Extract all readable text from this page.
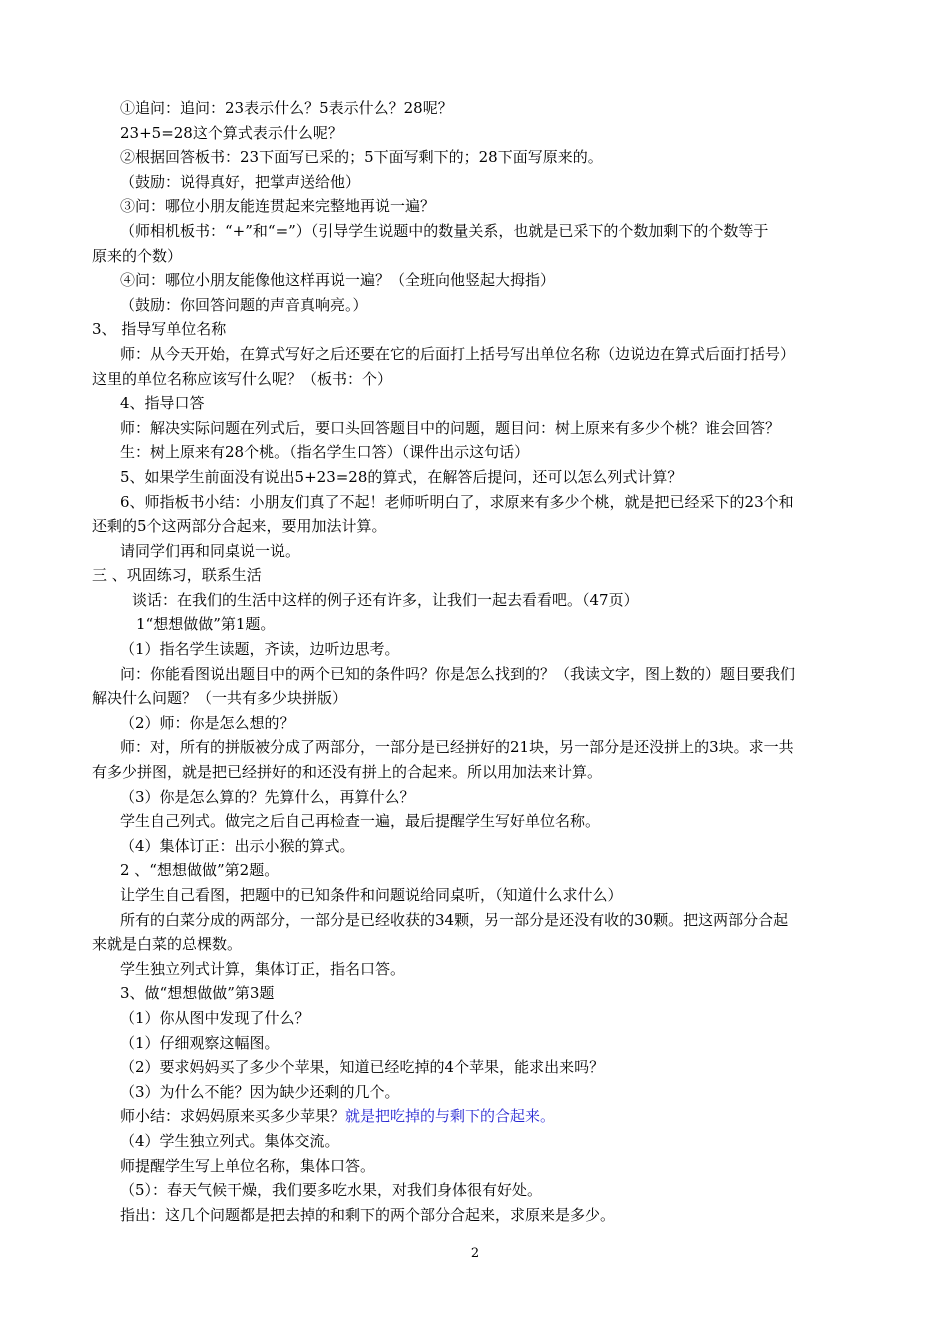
①追问：追问：23表示什么？5表示什么？28呢？
23+5=28这个算式表示什么呢？
②根据回答板书：23下面写已采的；5下面写剩下的；28下面写原来的。
（鼓励：说得真好，把掌声送给他）
③问：哪位小朋友能连贯起来完整地再说一遍？
（师相机板书：“+”和“=”）（引导学生说题中的数量关系，也就是已采下的个数加剩下的个数等于
原来的个数）
④问：哪位小朋友能像他这样再说一遍？（全班向他竖起大拇指）
（鼓励：你回答问题的声音真响亮。）
3、 指导写单位名称
师：从今天开始，在算式写好之后还要在它的后面打上括号写出单位名称（边说边在算式后面打括号）
这里的单位名称应该写什么呢？（板书：个）
4、指导口答
师：解决实际问题在列式后，要口头回答题目中的问题，题目问：树上原来有多少个桃？谁会回答？
生：树上原来有28个桃。（指名学生口答）（课件出示这句话）
5、如果学生前面没有说出5+23=28的算式，在解答后提问，还可以怎么列式计算？
6、师指板书小结：小朋友们真了不起！老师听明白了，求原来有多少个桃，就是把已经采下的23个和
还剩的5个这两部分合起来，要用加法计算。
请同学们再和同桌说一说。
三 、巩固练习，联系生活
谈话：在我们的生活中这样的例子还有许多，让我们一起去看看吧。（47页）
1“想想做做”第1题。
（1）指名学生读题，齐读，边听边思考。
问：你能看图说出题目中的两个已知的条件吗？你是怎么找到的？（我读文字，图上数的）题目要我们
解决什么问题？（一共有多少块拼版）
（2）师：你是怎么想的？
师：对，所有的拼版被分成了两部分，一部分是已经拼好的21块，另一部分是还没拼上的3块。求一共
有多少拼图，就是把已经拼好的和还没有拼上的合起来。所以用加法来计算。
（3）你是怎么算的？先算什么，再算什么？
学生自己列式。做完之后自己再检查一遍，最后提醒学生写好单位名称。
（4）集体订正：出示小猴的算式。
2 、“想想做做”第2题。
让学生自己看图，把题中的已知条件和问题说给同桌听，（知道什么求什么）
所有的白菜分成的两部分，一部分是已经收获的34颗，另一部分是还没有收的30颗。把这两部分合起
来就是白菜的总棵数。
学生独立列式计算，集体订正，指名口答。
3、做“想想做做”第3题
（1）你从图中发现了什么？
（1）仔细观察这幅图。
（2）要求妈妈买了多少个苹果，知道已经吃掉的4个苹果，能求出来吗？
（3）为什么不能？因为缺少还剩的几个。
师小结：求妈妈原来买多少苹果？就是把吃掉的与剩下的合起来。
（4）学生独立列式。集体交流。
师提醒学生写上单位名称，集体口答。
（5）：春天气候干燥，我们要多吃水果，对我们身体很有好处。
指出：这几个问题都是把去掉的和剩下的两个部分合起来，求原来是多少。
2
